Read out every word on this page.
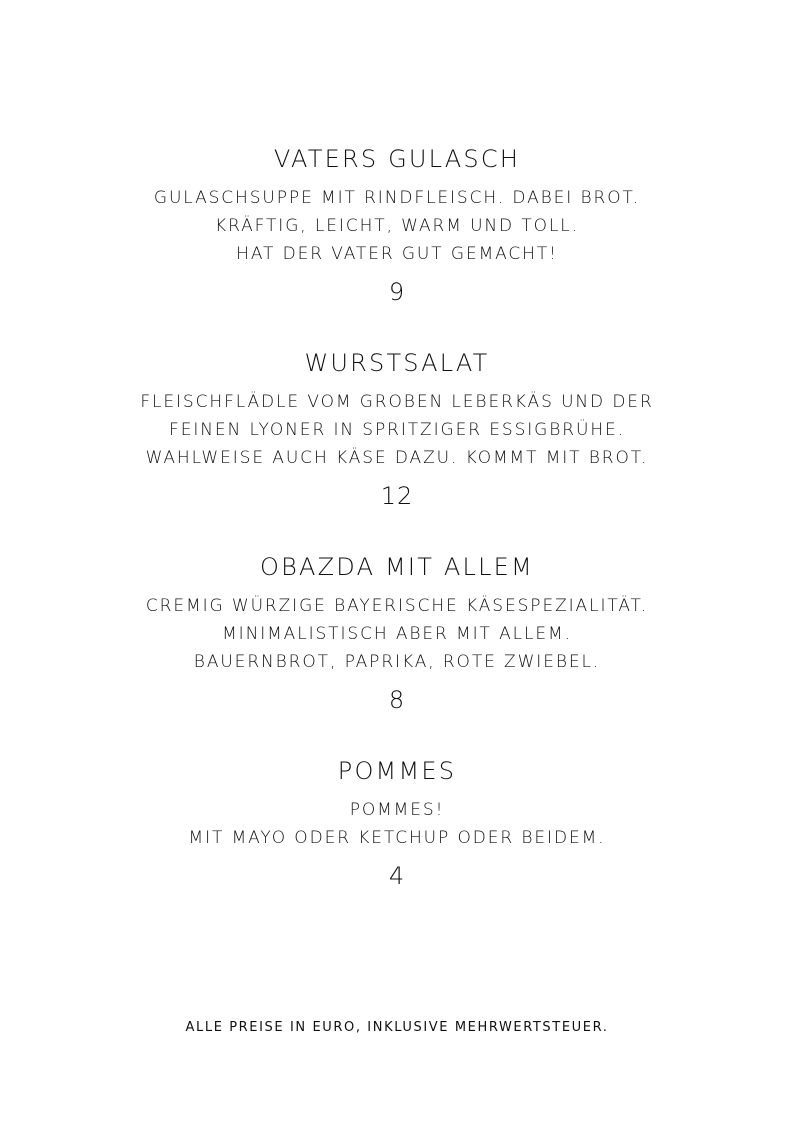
VATERS GULASCH

GULASCHSUPPE MIT RINDFLEISCH. DABEI BROT.

KRÄFTIG, LEICHT, WARM UND TOLL.

HAT DER VATER GUT GEMACHT!

9
WURSTSALAT

FLEISCHFLÄDLE VOM GROBEN LEBERKÄS UND DER

FEINEN LYONER IN SPRITZIGER ESSIGBRÜHE.

WAHLWEISE AUCH KÄSE DAZU. KOMMT MIT BROT.

12
OBAZDA MIT ALLEM

CREMIG WÜRZIGE BAYERISCHE KÄSESPEZIALITÄT.

MINIMALISTISCH ABER MIT ALLEM.

BAUERNBROT, PAPRIKA, ROTE ZWIEBEL.

8
POMMES

POMMES!

MIT MAYO ODER KETCHUP ODER BEIDEM.

4
ALLE PREISE IN EURO, INKLUSIVE MEHRWERTSTEUER.
